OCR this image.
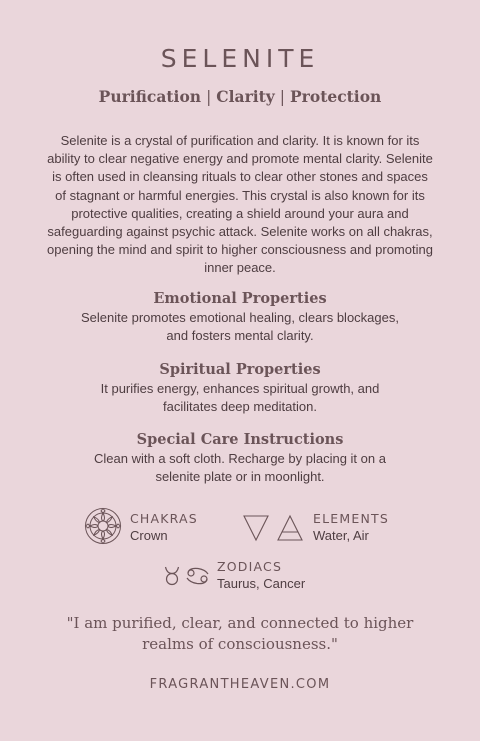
SELENITE
Purification | Clarity | Protection

Selenite is a crystal of purification and clarity. It is known for its ability to clear negative energy and promote mental clarity. Selenite is often used in cleansing rituals to clear other stones and spaces of stagnant or harmful energies. This crystal is also known for its protective qualities, creating a shield around your aura and safeguarding against psychic attack. Selenite works on all chakras, opening the mind and spirit to higher consciousness and promoting inner peace.

Emotional Properties

Selenite promotes emotional healing, clears blockages,

and fosters mental clarity.

Spiritual Properties

It purifies energy, enhances spiritual growth, and

facilitates deep meditation.

Special Care Instructions

Clean with a soft cloth. Recharge by placing it on a

selenite plate or in moonlight.

CHAKRAS
Crown
ELEMENTS
Water, Air
ZODIACS
Taurus, Cancer
"I am purified, clear, and connected to higher
realms of consciousness."
FRAGRANTHEAVEN.COM
